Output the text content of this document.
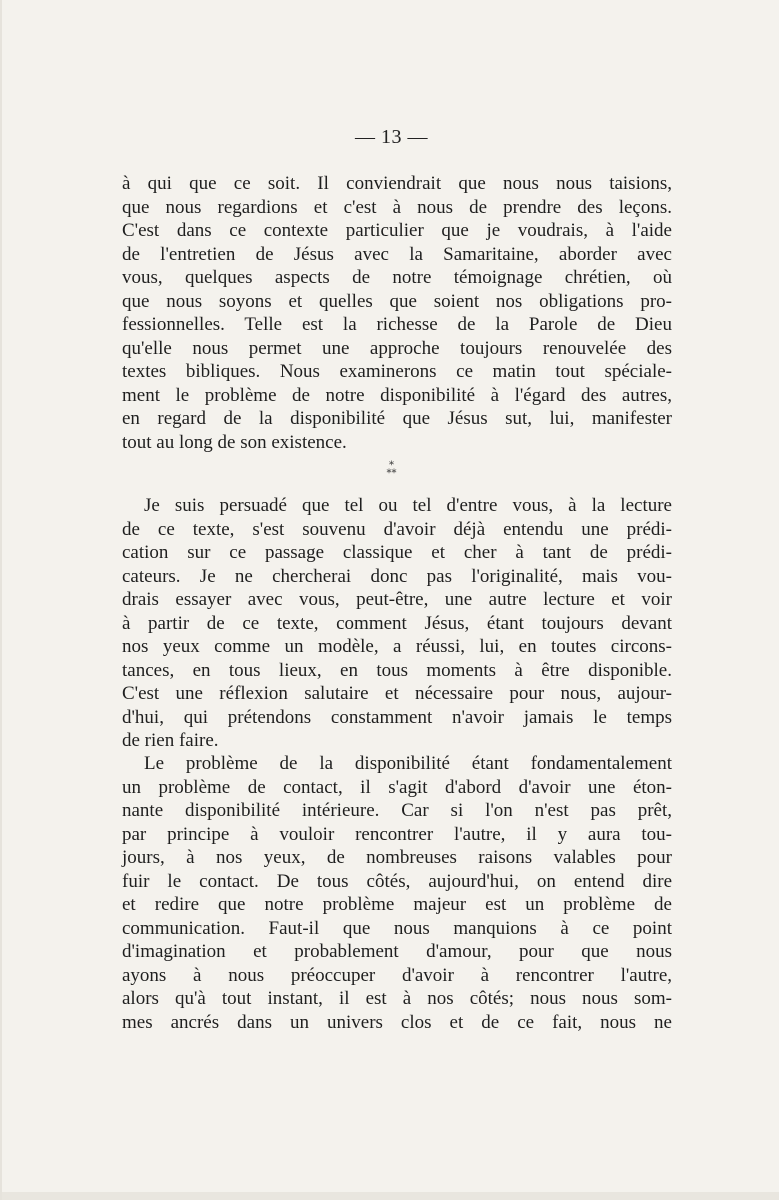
— 13 —
à qui que ce soit. Il conviendrait que nous nous taisions,
que nous regardions et c'est à nous de prendre des leçons.
C'est dans ce contexte particulier que je voudrais, à l'aide
de l'entretien de Jésus avec la Samaritaine, aborder avec
vous, quelques aspects de notre témoignage chrétien, où
que nous soyons et quelles que soient nos obligations pro-
fessionnelles. Telle est la richesse de la Parole de Dieu
qu'elle nous permet une approche toujours renouvelée des
textes bibliques. Nous examinerons ce matin tout spéciale-
ment le problème de notre disponibilité à l'égard des autres,
en regard de la disponibilité que Jésus sut, lui, manifester
tout au long de son existence.
*
**
Je suis persuadé que tel ou tel d'entre vous, à la lecture
de ce texte, s'est souvenu d'avoir déjà entendu une prédi-
cation sur ce passage classique et cher à tant de prédi-
cateurs. Je ne chercherai donc pas l'originalité, mais vou-
drais essayer avec vous, peut-être, une autre lecture et voir
à partir de ce texte, comment Jésus, étant toujours devant
nos yeux comme un modèle, a réussi, lui, en toutes circons-
tances, en tous lieux, en tous moments à être disponible.
C'est une réflexion salutaire et nécessaire pour nous, aujour-
d'hui, qui prétendons constamment n'avoir jamais le temps
de rien faire.
Le problème de la disponibilité étant fondamentalement
un problème de contact, il s'agit d'abord d'avoir une éton-
nante disponibilité intérieure. Car si l'on n'est pas prêt,
par principe à vouloir rencontrer l'autre, il y aura tou-
jours, à nos yeux, de nombreuses raisons valables pour
fuir le contact. De tous côtés, aujourd'hui, on entend dire
et redire que notre problème majeur est un problème de
communication. Faut-il que nous manquions à ce point
d'imagination et probablement d'amour, pour que nous
ayons à nous préoccuper d'avoir à rencontrer l'autre,
alors qu'à tout instant, il est à nos côtés; nous nous som-
mes ancrés dans un univers clos et de ce fait, nous ne
